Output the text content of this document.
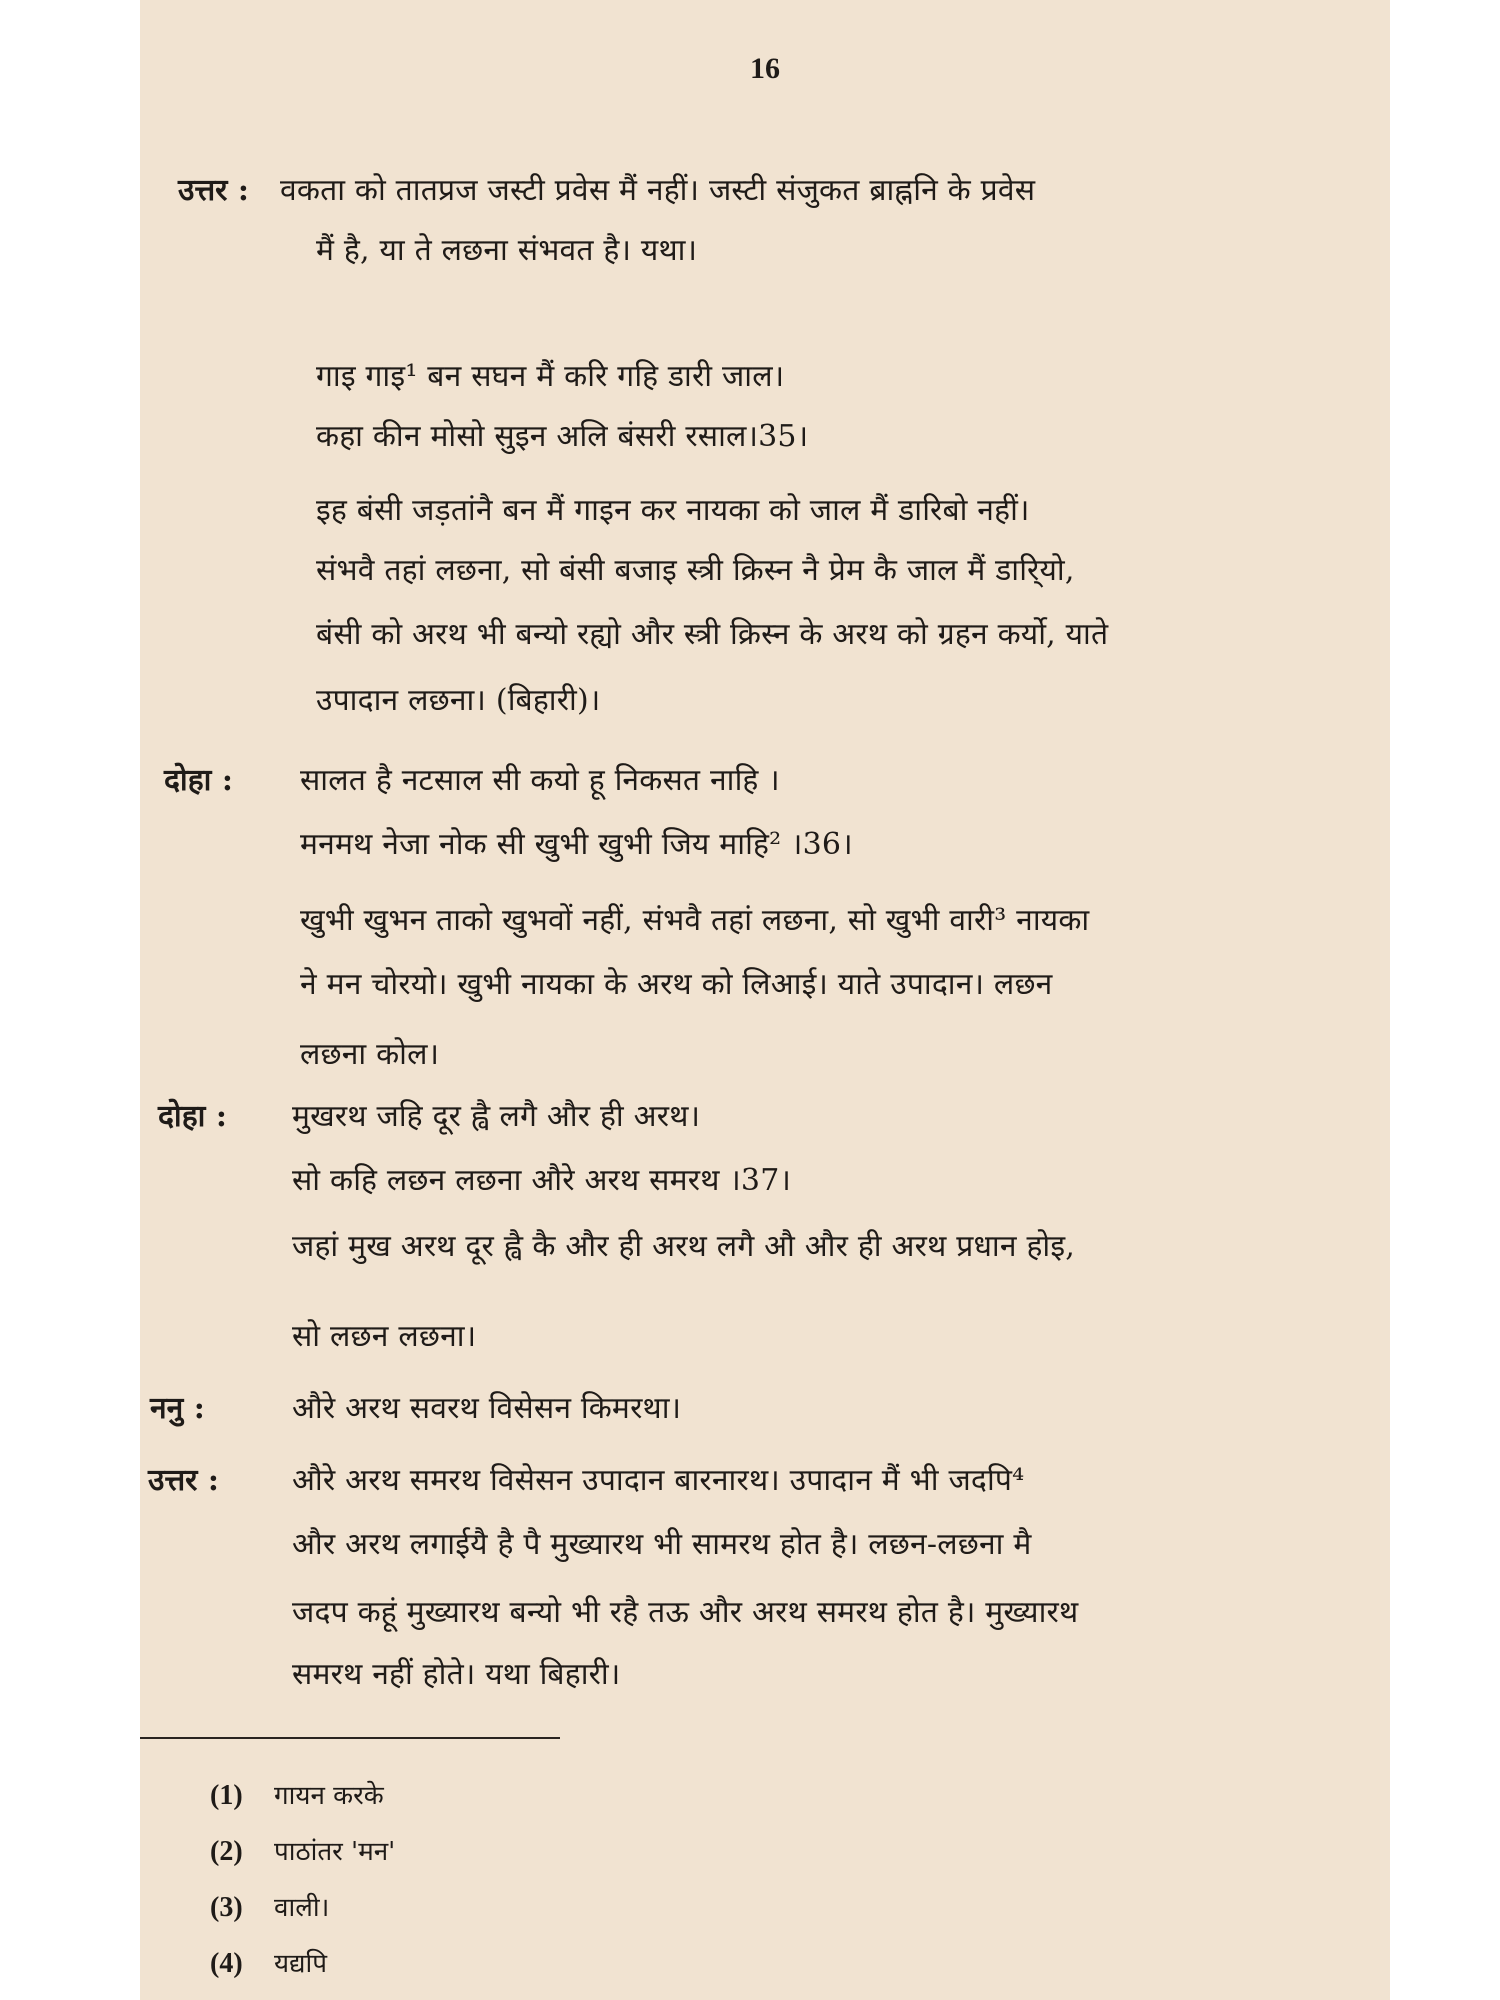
16
उत्तर : वकता को तातप्रज जस्टी प्रवेस मैं नहीं। जस्टी संजुकत ब्राह्ननि के प्रवेस
मैं है, या ते लछना संभवत है। यथा।
गाइ गाइ¹ बन सघन मैं करि गहि डारी जाल।
कहा कीन मोसो सुइन अलि बंसरी रसाल।35।
इह बंसी जड़तांनै बन मैं गाइन कर नायका को जाल मैं डारिबो नहीं।
संभवै तहां लछना, सो बंसी बजाइ स्त्री क्रिस्न नै प्रेम कै जाल मैं डारि्यो,
बंसी को अरथ भी बन्यो रह्यो और स्त्री क्रिस्न के अरथ को ग्रहन कर्यो, याते
उपादान लछना। (बिहारी)।
दोहा : सालत है नटसाल सी कयो हू निकसत नाहि ।
मनमथ नेजा नोक सी खुभी खुभी जिय माहि² ।36।
खुभी खुभन ताको खुभवों नहीं, संभवै तहां लछना, सो खुभी वारी³ नायका
ने मन चोरयो। खुभी नायका के अरथ को लिआई। याते उपादान। लछन
लछना कोल।
दोहा : मुखरथ जहि दूर ह्वै लगै और ही अरथ।
सो कहि लछन लछना औरे अरथ समरथ ।37।
जहां मुख अरथ दूर ह्वै कै और ही अरथ लगै औ और ही अरथ प्रधान होइ,
सो लछन लछना।
ननु :	औरे अरथ सवरथ विसेसन किमरथा।
उत्तर : औरे अरथ समरथ विसेसन उपादान बारनारथ। उपादान मैं भी जदपि⁴
और अरथ लगाईयै है पै मुख्यारथ भी सामरथ होत है। लछन-लछना मै
जदप कहूं मुख्यारथ बन्यो भी रहै तऊ और अरथ समरथ होत है। मुख्यारथ
समरथ नहीं होते। यथा बिहारी।
(1) गायन करके
(2) पाठांतर 'मन'
(3) वाली।
(4) यद्यपि
